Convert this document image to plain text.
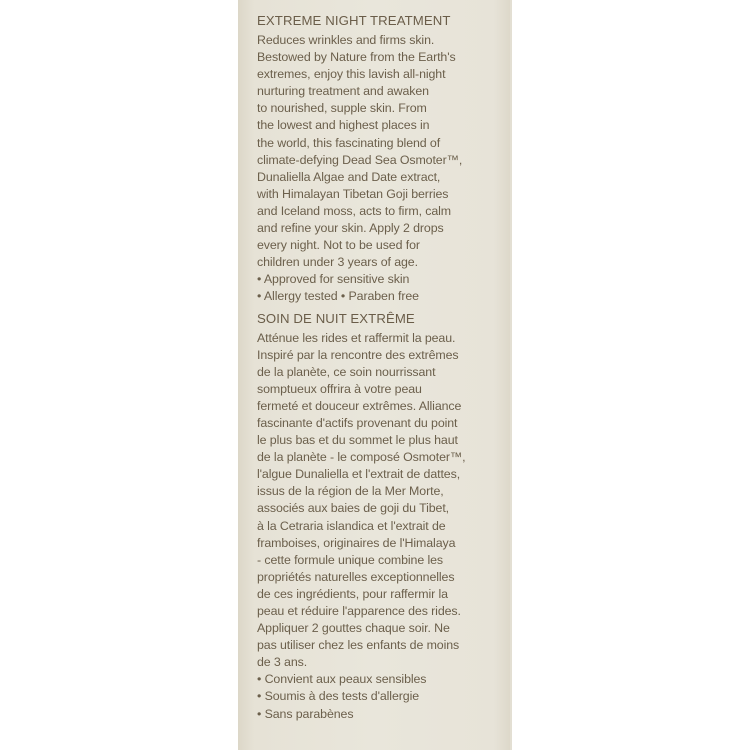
EXTREME NIGHT TREATMENT
Reduces wrinkles and firms skin.
Bestowed by Nature from the Earth's
extremes, enjoy this lavish all-night
nurturing treatment and awaken
to nourished, supple skin. From
the lowest and highest places in
the world, this fascinating blend of
climate-defying Dead Sea Osmoter™,
Dunaliella Algae and Date extract,
with Himalayan Tibetan Goji berries
and Iceland moss, acts to firm, calm
and refine your skin. Apply 2 drops
every night. Not to be used for
children under 3 years of age.
• Approved for sensitive skin
• Allergy tested • Paraben free
SOIN DE NUIT EXTRÊME
Atténue les rides et raffermit la peau.
Inspiré par la rencontre des extrêmes
de la planète, ce soin nourrissant
somptueux offrira à votre peau
fermeté et douceur extrêmes. Alliance
fascinante d'actifs provenant du point
le plus bas et du sommet le plus haut
de la planète - le composé Osmoter™,
l'algue Dunaliella et l'extrait de dattes,
issus de la région de la Mer Morte,
associés aux baies de goji du Tibet,
à la Cetraria islandica et l'extrait de
framboises, originaires de l'Himalaya
- cette formule unique combine les
propriétés naturelles exceptionnelles
de ces ingrédients, pour raffermir la
peau et réduire l'apparence des rides.
Appliquer 2 gouttes chaque soir. Ne
pas utiliser chez les enfants de moins
de 3 ans.
• Convient aux peaux sensibles
• Soumis à des tests d'allergie
• Sans parabènes
